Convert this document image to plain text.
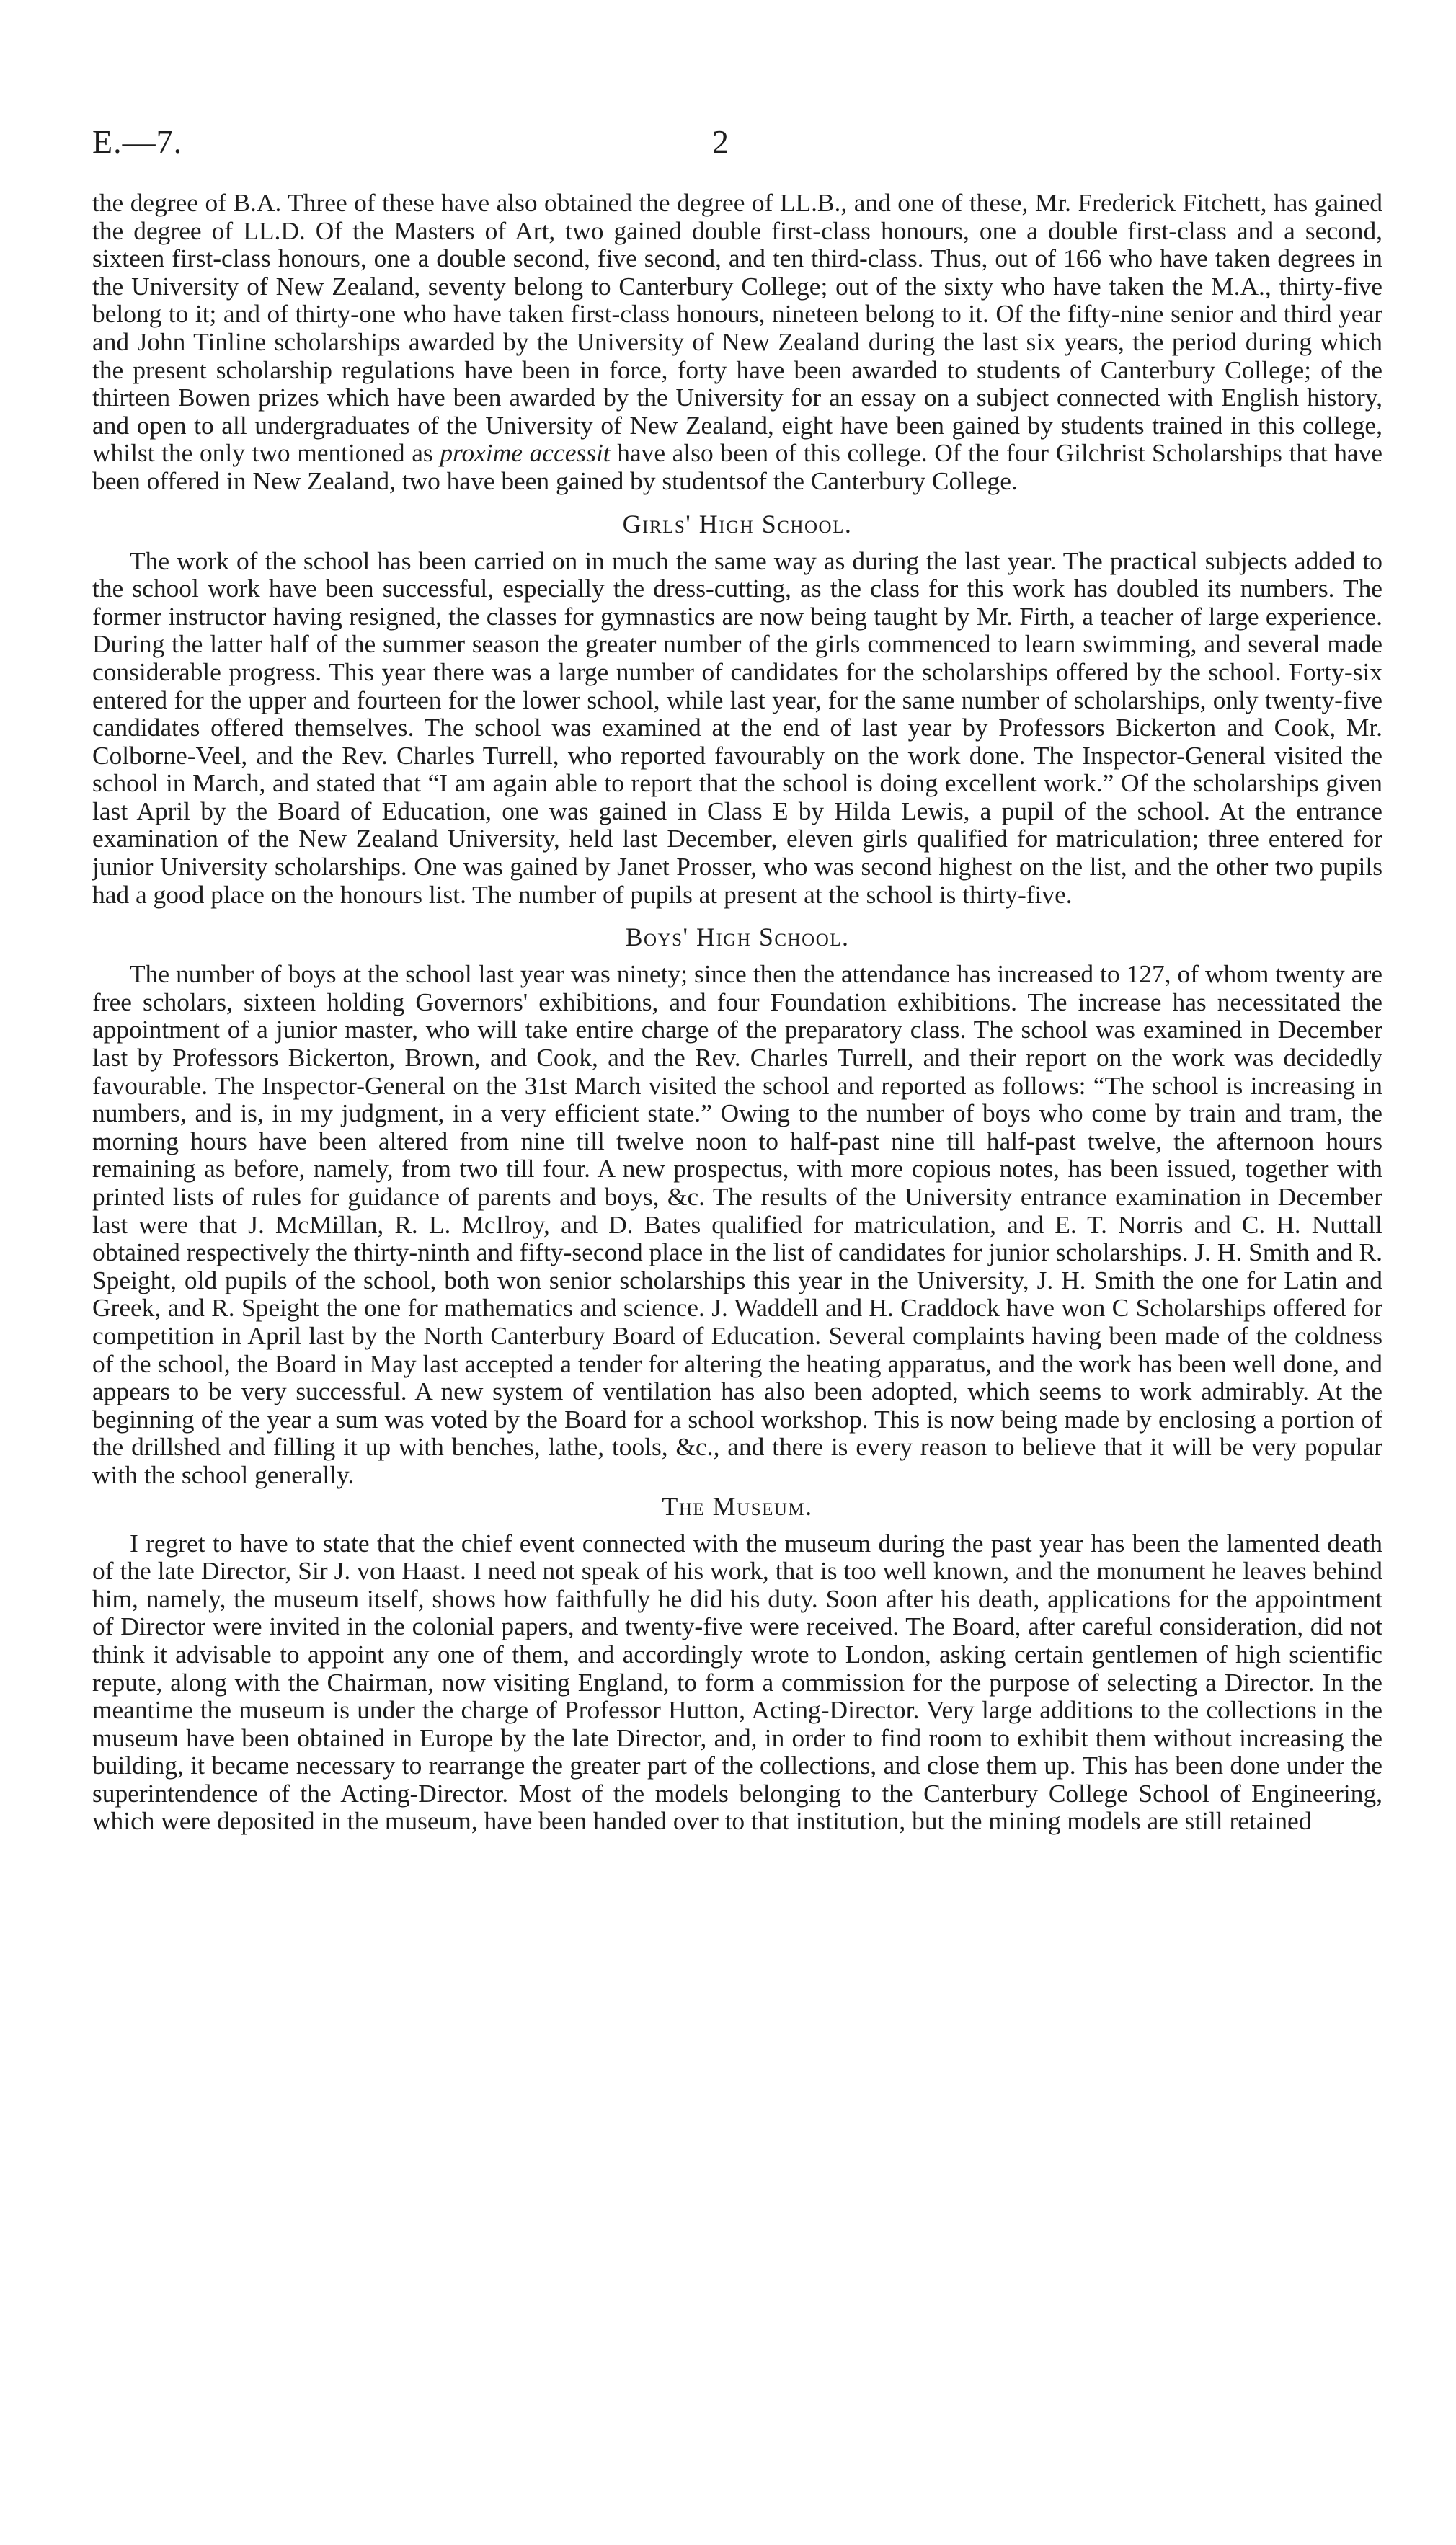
E.—7.	2

the degree of B.A. Three of these have also obtained the degree of LL.B., and one of these, Mr. Frederick Fitchett, has gained the degree of LL.D. Of the Masters of Art, two gained double first-class honours, one a double first-class and a second, sixteen first-class honours, one a double second, five second, and ten third-class. Thus, out of 166 who have taken degrees in the University of New Zealand, seventy belong to Canterbury College; out of the sixty who have taken the M.A., thirty-five belong to it; and of thirty-one who have taken first-class honours, nineteen belong to it. Of the fifty-nine senior and third year and John Tinline scholarships awarded by the University of New Zealand during the last six years, the period during which the present scholarship regulations have been in force, forty have been awarded to students of Canterbury College; of the thirteen Bowen prizes which have been awarded by the University for an essay on a subject connected with English history, and open to all undergraduates of the University of New Zealand, eight have been gained by students trained in this college, whilst the only two mentioned as proxime accessit have also been of this college. Of the four Gilchrist Scholarships that have been offered in New Zealand, two have been gained by studentsof the Canterbury College.

Girls' High School.

The work of the school has been carried on in much the same way as during the last year. The practical subjects added to the school work have been successful, especially the dress-cutting, as the class for this work has doubled its numbers. The former instructor having resigned, the classes for gymnastics are now being taught by Mr. Firth, a teacher of large experience. During the latter half of the summer season the greater number of the girls commenced to learn swimming, and several made considerable progress. This year there was a large number of candidates for the scholarships offered by the school. Forty-six entered for the upper and fourteen for the lower school, while last year, for the same number of scholarships, only twenty-five candidates offered themselves. The school was examined at the end of last year by Professors Bickerton and Cook, Mr. Colborne-Veel, and the Rev. Charles Turrell, who reported favourably on the work done. The Inspector-General visited the school in March, and stated that “I am again able to report that the school is doing excellent work.” Of the scholarships given last April by the Board of Education, one was gained in Class E by Hilda Lewis, a pupil of the school. At the entrance examination of the New Zealand University, held last December, eleven girls qualified for matriculation; three entered for junior University scholarships. One was gained by Janet Prosser, who was second highest on the list, and the other two pupils had a good place on the honours list. The number of pupils at present at the school is thirty-five.

Boys' High School.

The number of boys at the school last year was ninety; since then the attendance has increased to 127, of whom twenty are free scholars, sixteen holding Governors' exhibitions, and four Foundation exhibitions. The increase has necessitated the appointment of a junior master, who will take entire charge of the preparatory class. The school was examined in December last by Professors Bickerton, Brown, and Cook, and the Rev. Charles Turrell, and their report on the work was decidedly favourable. The Inspector-General on the 31st March visited the school and reported as follows: “The school is increasing in numbers, and is, in my judgment, in a very efficient state.” Owing to the number of boys who come by train and tram, the morning hours have been altered from nine till twelve noon to half-past nine till half-past twelve, the afternoon hours remaining as before, namely, from two till four. A new prospectus, with more copious notes, has been issued, together with printed lists of rules for guidance of parents and boys, &c. The results of the University entrance examination in December last were that J. McMillan, R. L. McIlroy, and D. Bates qualified for matriculation, and E. T. Norris and C. H. Nuttall obtained respectively the thirty-ninth and fifty-second place in the list of candidates for junior scholarships. J. H. Smith and R. Speight, old pupils of the school, both won senior scholarships this year in the University, J. H. Smith the one for Latin and Greek, and R. Speight the one for mathematics and science. J. Waddell and H. Craddock have won C Scholarships offered for competition in April last by the North Canterbury Board of Education. Several complaints having been made of the coldness of the school, the Board in May last accepted a tender for altering the heating apparatus, and the work has been well done, and appears to be very successful. A new system of ventilation has also been adopted, which seems to work admirably. At the beginning of the year a sum was voted by the Board for a school workshop. This is now being made by enclosing a portion of the drillshed and filling it up with benches, lathe, tools, &c., and there is every reason to believe that it will be very popular with the school generally.

The Museum.

I regret to have to state that the chief event connected with the museum during the past year has been the lamented death of the late Director, Sir J. von Haast. I need not speak of his work, that is too well known, and the monument he leaves behind him, namely, the museum itself, shows how faithfully he did his duty. Soon after his death, applications for the appointment of Director were invited in the colonial papers, and twenty-five were received. The Board, after careful consideration, did not think it advisable to appoint any one of them, and accordingly wrote to London, asking certain gentlemen of high scientific repute, along with the Chairman, now visiting England, to form a commission for the purpose of selecting a Director. In the meantime the museum is under the charge of Professor Hutton, Acting-Director. Very large additions to the collections in the museum have been obtained in Europe by the late Director, and, in order to find room to exhibit them without increasing the building, it became necessary to rearrange the greater part of the collections, and close them up. This has been done under the superintendence of the Acting-Director. Most of the models belonging to the Canterbury College School of Engineering, which were deposited in the museum, have been handed over to that institution, but the mining models are still retained
